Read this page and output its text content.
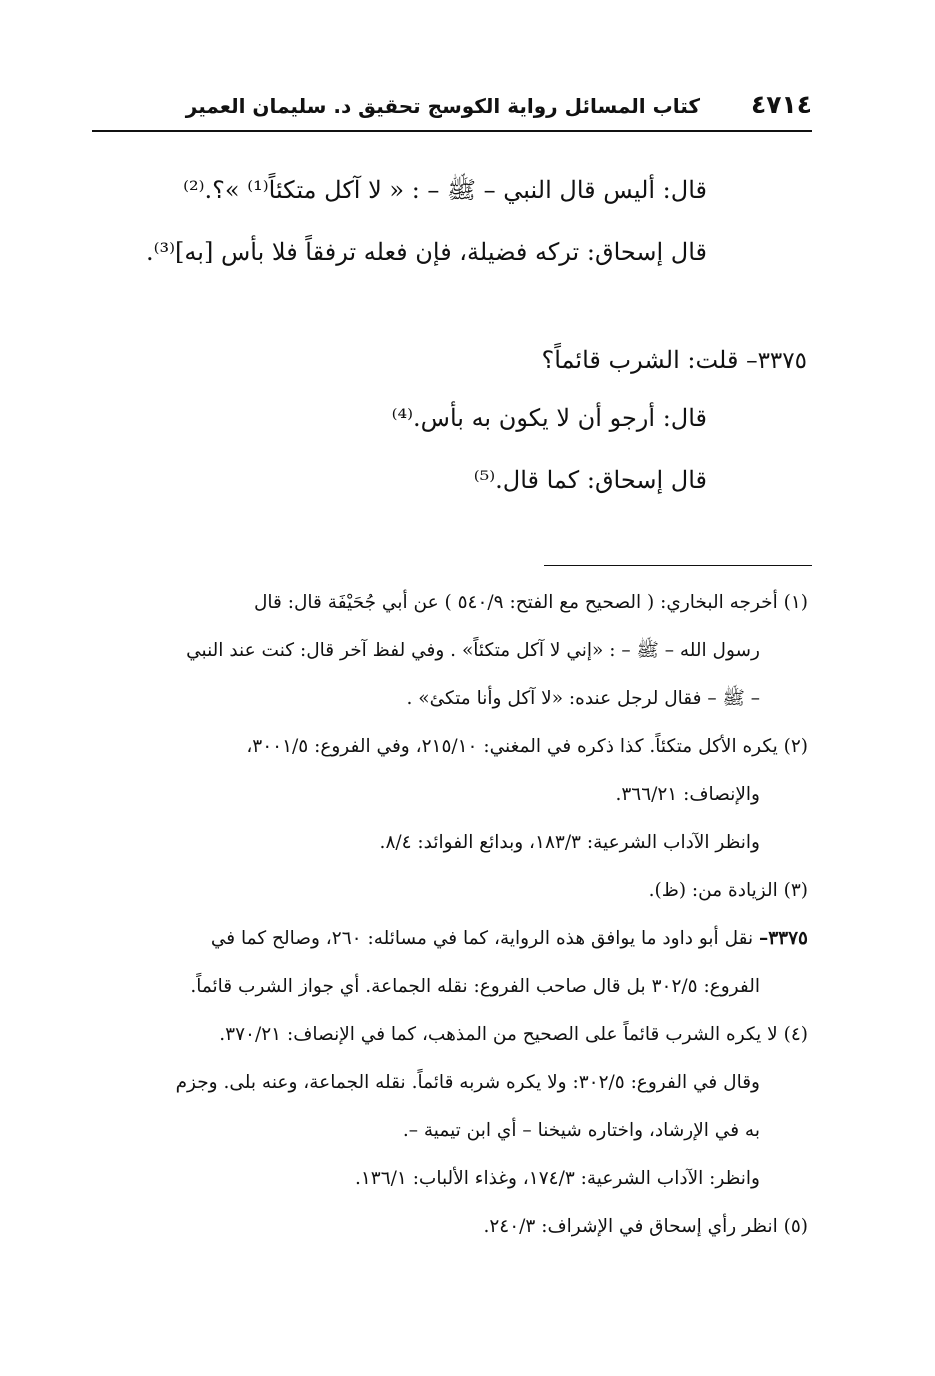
٤٧١٤
كتاب المسائل رواية الكوسج تحقيق د. سليمان العمير
قال: أليس قال النبي – ﷺ – : « لا آكل متكئاً⁽¹⁾ »؟.⁽²⁾
قال إسحاق: تركه فضيلة، فإن فعله ترفقاً فلا بأس [به]⁽³⁾.
٣٣٧٥– قلت: الشرب قائماً؟
قال: أرجو أن لا يكون به بأس.⁽⁴⁾
قال إسحاق: كما قال.⁽⁵⁾
(١) أخرجه البخاري: ( الصحيح مع الفتح: ٥٤٠/٩ ) عن أبي جُحَيْفَة قال: قال
رسول الله – ﷺ – : «إني لا آكل متكئاً» . وفي لفظ آخر قال: كنت عند النبي
– ﷺ – فقال لرجل عنده: «لا آكل وأنا متكئ» .
(٢) يكره الأكل متكئاً. كذا ذكره في المغني: ٢١٥/١٠، وفي الفروع: ٣٠٠١/٥،
والإنصاف: ٣٦٦/٢١.
وانظر الآداب الشرعية: ١٨٣/٣، وبدائع الفوائد: ٨/٤.
(٣) الزيادة من: (ظ).
٣٣٧٥– نقل أبو داود ما يوافق هذه الرواية، كما في مسائله: ٢٦٠، وصالح كما في
الفروع: ٣٠٢/٥ بل قال صاحب الفروع: نقله الجماعة. أي جواز الشرب قائماً.
(٤) لا يكره الشرب قائماً على الصحيح من المذهب، كما في الإنصاف: ٣٧٠/٢١.
وقال في الفروع: ٣٠٢/٥: ولا يكره شربه قائماً. نقله الجماعة، وعنه بلى. وجزم
به في الإرشاد، واختاره شيخنا – أي ابن تيمية –.
وانظر: الآداب الشرعية: ١٧٤/٣، وغذاء الألباب: ١٣٦/١.
(٥) انظر رأي إسحاق في الإشراف: ٢٤٠/٣.
